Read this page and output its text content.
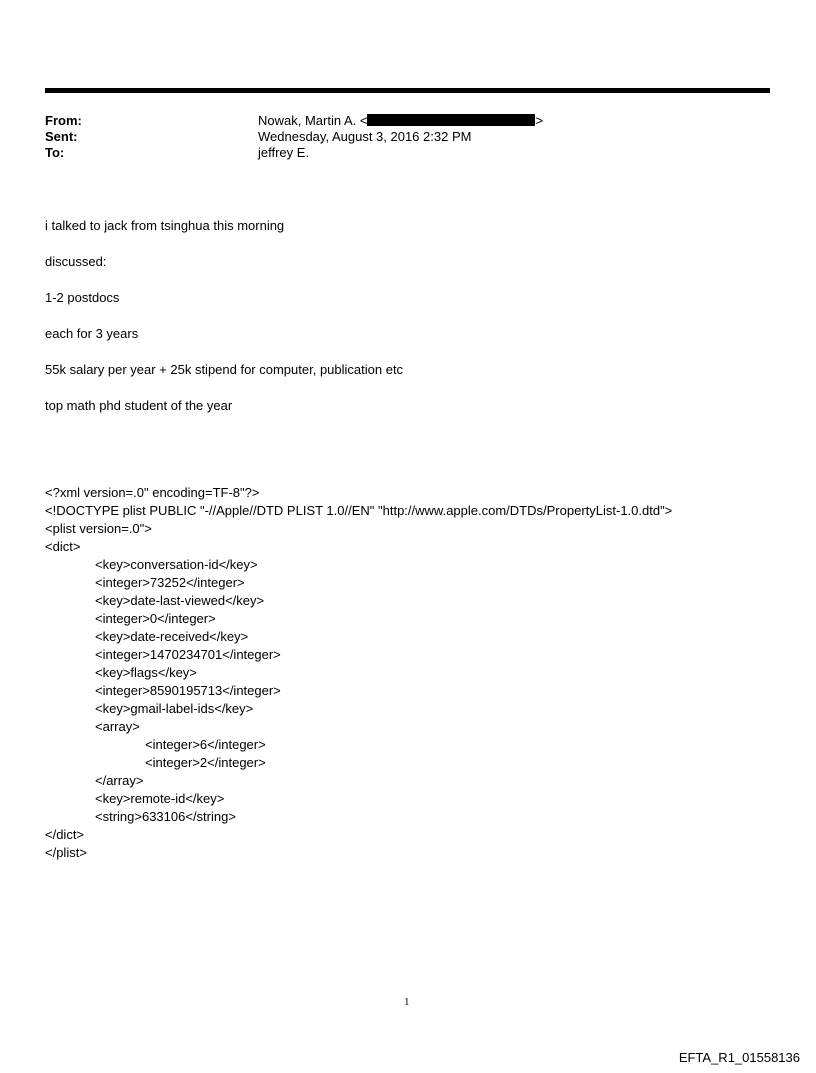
From:	Nowak, Martin A. <	>
Sent:	Wednesday, August 3, 2016 2:32 PM
To:	jeffrey E.

i talked to jack from tsinghua this morning

discussed:

1-2 postdocs

each for 3 years

55k salary per year + 25k stipend for computer, publication etc

top math phd student of the year

<?xml version=.0" encoding=TF-8"?>
<!DOCTYPE plist PUBLIC "-//Apple//DTD PLIST 1.0//EN" "http://www.apple.com/DTDs/PropertyList-1.0.dtd">
<plist version=.0">
<dict>
<key>conversation-id</key>
<integer>73252</integer>
<key>date-last-viewed</key>
<integer>0</integer>
<key>date-received</key>
<integer>1470234701</integer>
<key>flags</key>
<integer>8590195713</integer>
<key>gmail-label-ids</key>
<array>
<integer>6</integer>
<integer>2</integer>
</array>
<key>remote-id</key>
<string>633106</string>
</dict>
</plist>
1
EFTA_R1_01558136
